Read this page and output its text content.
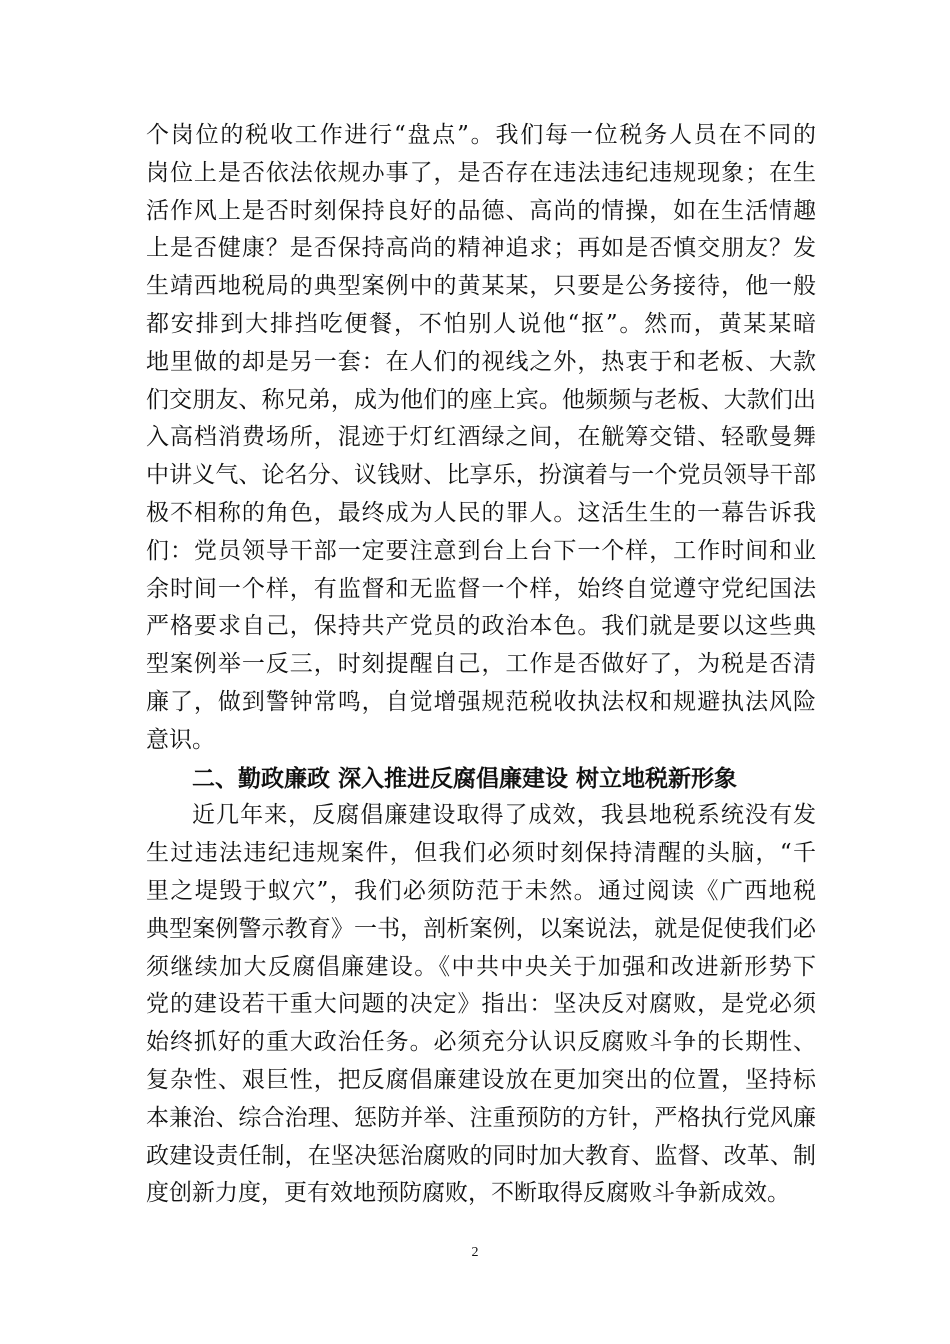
个岗位的税收工作进行“盘点”。我们每一位税务人员在不同的
岗位上是否依法依规办事了，是否存在违法违纪违规现象；在生
活作风上是否时刻保持良好的品德、高尚的情操，如在生活情趣
上是否健康？是否保持高尚的精神追求；再如是否慎交朋友？发
生靖西地税局的典型案例中的黄某某，只要是公务接待，他一般
都安排到大排挡吃便餐，不怕别人说他“抠”。然而，黄某某暗
地里做的却是另一套：在人们的视线之外，热衷于和老板、大款
们交朋友、称兄弟，成为他们的座上宾。他频频与老板、大款们出
入高档消费场所，混迹于灯红酒绿之间，在觥筹交错、轻歌曼舞
中讲义气、论名分、议钱财、比享乐，扮演着与一个党员领导干部
极不相称的角色，最终成为人民的罪人。这活生生的一幕告诉我
们：党员领导干部一定要注意到台上台下一个样，工作时间和业
余时间一个样，有监督和无监督一个样，始终自觉遵守党纪国法
严格要求自己，保持共产党员的政治本色。我们就是要以这些典
型案例举一反三，时刻提醒自己，工作是否做好了，为税是否清
廉了，做到警钟常鸣，自觉增强规范税收执法权和规避执法风险
意识。
二、勤政廉政 深入推进反腐倡廉建设 树立地税新形象
近几年来，反腐倡廉建设取得了成效，我县地税系统没有发
生过违法违纪违规案件，但我们必须时刻保持清醒的头脑，“千
里之堤毁于蚁穴”，我们必须防范于未然。通过阅读《广西地税
典型案例警示教育》一书，剖析案例，以案说法，就是促使我们必
须继续加大反腐倡廉建设。《中共中央关于加强和改进新形势下
党的建设若干重大问题的决定》指出：坚决反对腐败，是党必须
始终抓好的重大政治任务。必须充分认识反腐败斗争的长期性、
复杂性、艰巨性，把反腐倡廉建设放在更加突出的位置，坚持标
本兼治、综合治理、惩防并举、注重预防的方针，严格执行党风廉
政建设责任制，在坚决惩治腐败的同时加大教育、监督、改革、制
度创新力度，更有效地预防腐败，不断取得反腐败斗争新成效。
2
